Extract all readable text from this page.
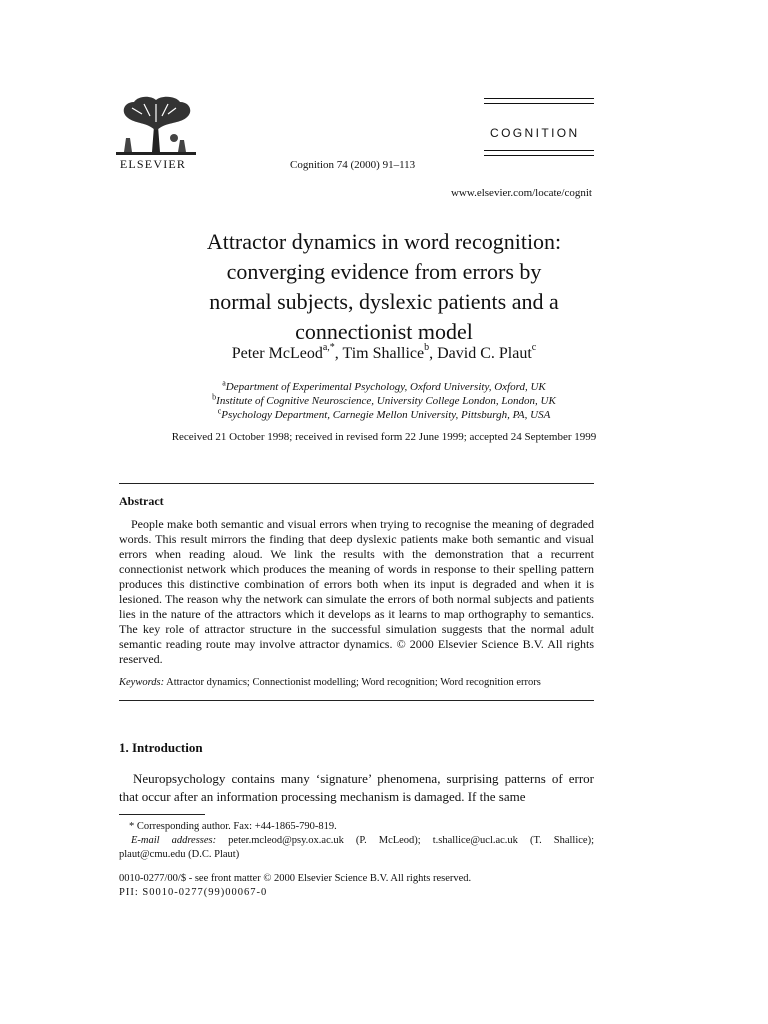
ELSEVIER
COGNITION
Cognition 74 (2000) 91–113
www.elsevier.com/locate/cognit
Attractor dynamics in word recognition:
converging evidence from errors by
normal subjects, dyslexic patients and a
connectionist model
Peter McLeod$^{a,*}$, Tim Shallice$^b$, David C. Plaut$^c$
$^a$Department of Experimental Psychology, Oxford University, Oxford, UK
$^b$Institute of Cognitive Neuroscience, University College London, London, UK
$^c$Psychology Department, Carnegie Mellon University, Pittsburgh, PA, USA
Received 21 October 1998; received in revised form 22 June 1999; accepted 24 September 1999
Abstract

People make both semantic and visual errors when trying to recognise the meaning of degraded words. This result mirrors the finding that deep dyslexic patients make both semantic and visual errors when reading aloud. We link the results with the demonstration that a recurrent connectionist network which produces the meaning of words in response to their spelling pattern produces this distinctive combination of errors both when its input is degraded and when it is lesioned. The reason why the network can simulate the errors of both normal subjects and patients lies in the nature of the attractors which it develops as it learns to map orthography to semantics. The key role of attractor structure in the successful simulation suggests that the normal adult semantic reading route may involve attractor dynamics. © 2000 Elsevier Science B.V. All rights reserved.

Keywords: Attractor dynamics; Connectionist modelling; Word recognition; Word recognition errors
1. Introduction

Neuropsychology contains many ‘signature’ phenomena, surprising patterns of error that occur after an information processing mechanism is damaged. If the same

* Corresponding author. Fax: +44-1865-790-819.

E-mail addresses: peter.mcleod@psy.ox.ac.uk (P. McLeod); t.shallice@ucl.ac.uk (T. Shallice); plaut@cmu.edu (D.C. Plaut)

0010-0277/00/$ - see front matter © 2000 Elsevier Science B.V. All rights reserved.

PII: S0010-0277(99)00067-0
